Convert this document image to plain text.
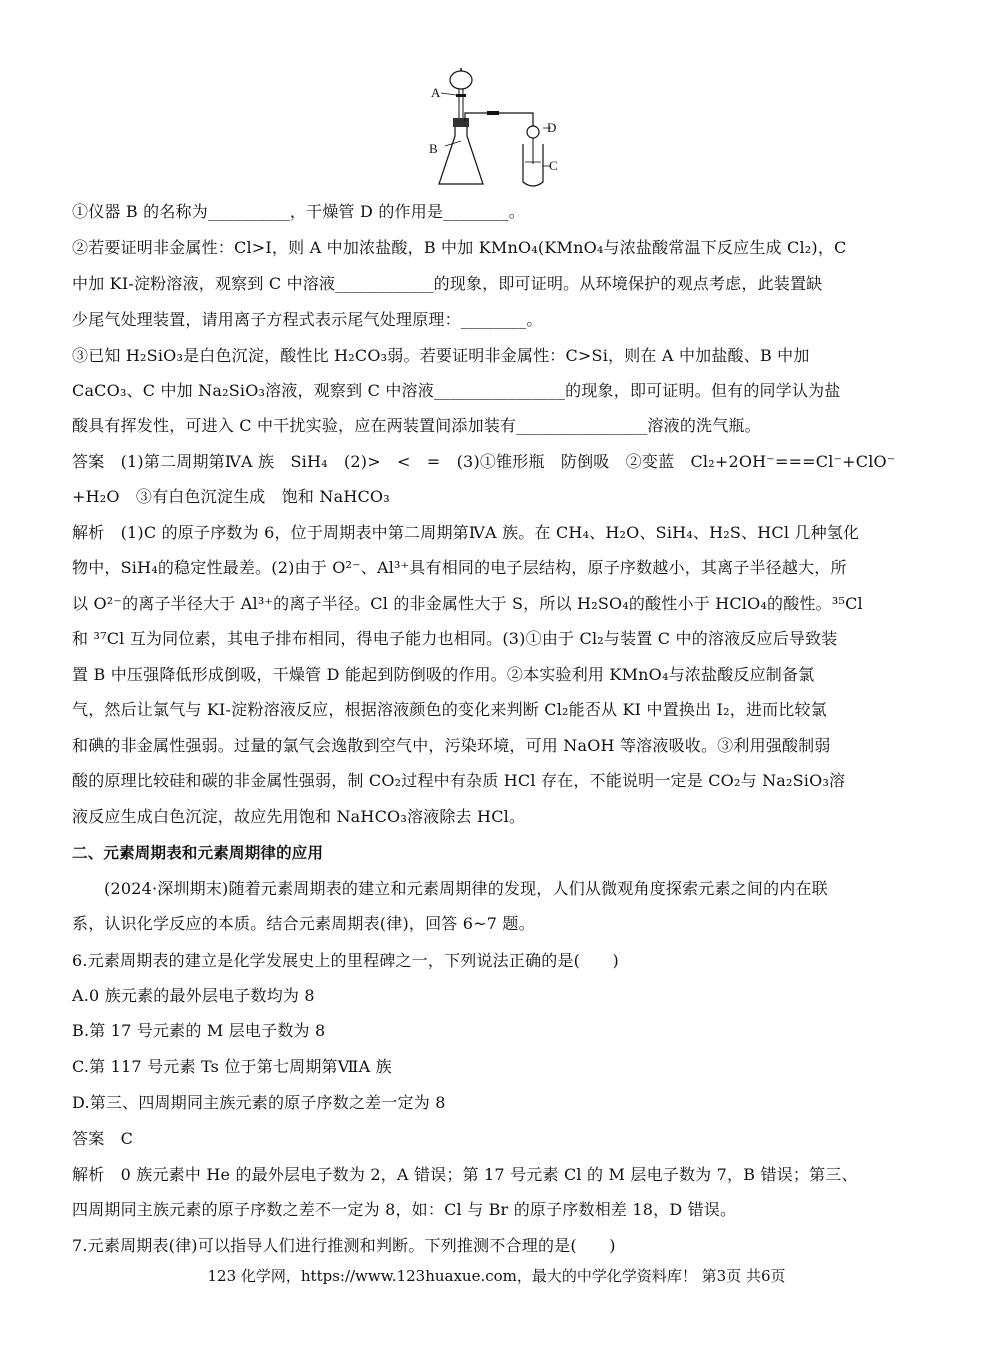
A
B
C
D
①仪器 B 的名称为__________，干燥管 D 的作用是________。
②若要证明非金属性：Cl>I，则 A 中加浓盐酸，B 中加 KMnO₄(KMnO₄与浓盐酸常温下反应生成 Cl₂)，C
中加 KI-淀粉溶液，观察到 C 中溶液____________的现象，即可证明。从环境保护的观点考虑，此装置缺
少尾气处理装置，请用离子方程式表示尾气处理原理：________。
③已知 H₂SiO₃是白色沉淀，酸性比 H₂CO₃弱。若要证明非金属性：C>Si，则在 A 中加盐酸、B 中加
CaCO₃、C 中加 Na₂SiO₃溶液，观察到 C 中溶液________________的现象，即可证明。但有的同学认为盐
酸具有挥发性，可进入 C 中干扰实验，应在两装置间添加装有________________溶液的洗气瓶。
答案　(1)第二周期第ⅣA 族　SiH₄　(2)>　<　=　(3)①锥形瓶　防倒吸　②变蓝　Cl₂+2OH⁻===Cl⁻+ClO⁻
+H₂O　③有白色沉淀生成　饱和 NaHCO₃
解析　(1)C 的原子序数为 6，位于周期表中第二周期第ⅣA 族。在 CH₄、H₂O、SiH₄、H₂S、HCl 几种氢化
物中，SiH₄的稳定性最差。(2)由于 O²⁻、Al³⁺具有相同的电子层结构，原子序数越小，其离子半径越大，所
以 O²⁻的离子半径大于 Al³⁺的离子半径。Cl 的非金属性大于 S，所以 H₂SO₄的酸性小于 HClO₄的酸性。³⁵Cl
和 ³⁷Cl 互为同位素，其电子排布相同，得电子能力也相同。(3)①由于 Cl₂与装置 C 中的溶液反应后导致装
置 B 中压强降低形成倒吸，干燥管 D 能起到防倒吸的作用。②本实验利用 KMnO₄与浓盐酸反应制备氯
气，然后让氯气与 KI-淀粉溶液反应，根据溶液颜色的变化来判断 Cl₂能否从 KI 中置换出 I₂，进而比较氯
和碘的非金属性强弱。过量的氯气会逸散到空气中，污染环境，可用 NaOH 等溶液吸收。③利用强酸制弱
酸的原理比较硅和碳的非金属性强弱，制 CO₂过程中有杂质 HCl 存在，不能说明一定是 CO₂与 Na₂SiO₃溶
液反应生成白色沉淀，故应先用饱和 NaHCO₃溶液除去 HCl。
二、元素周期表和元素周期律的应用
(2024·深圳期末)随着元素周期表的建立和元素周期律的发现，人们从微观角度探索元素之间的内在联
系，认识化学反应的本质。结合元素周期表(律)，回答 6~7 题。
6.元素周期表的建立是化学发展史上的里程碑之一，下列说法正确的是(　　)
A.0 族元素的最外层电子数均为 8
B.第 17 号元素的 M 层电子数为 8
C.第 117 号元素 Ts 位于第七周期第ⅦA 族
D.第三、四周期同主族元素的原子序数之差一定为 8
答案　C
解析　0 族元素中 He 的最外层电子数为 2，A 错误；第 17 号元素 Cl 的 M 层电子数为 7，B 错误；第三、
四周期同主族元素的原子序数之差不一定为 8，如：Cl 与 Br 的原子序数相差 18，D 错误。
7.元素周期表(律)可以指导人们进行推测和判断。下列推测不合理的是(　　)
123 化学网，https://www.123huaxue.com，最大的中学化学资料库！ 第3页 共6页
